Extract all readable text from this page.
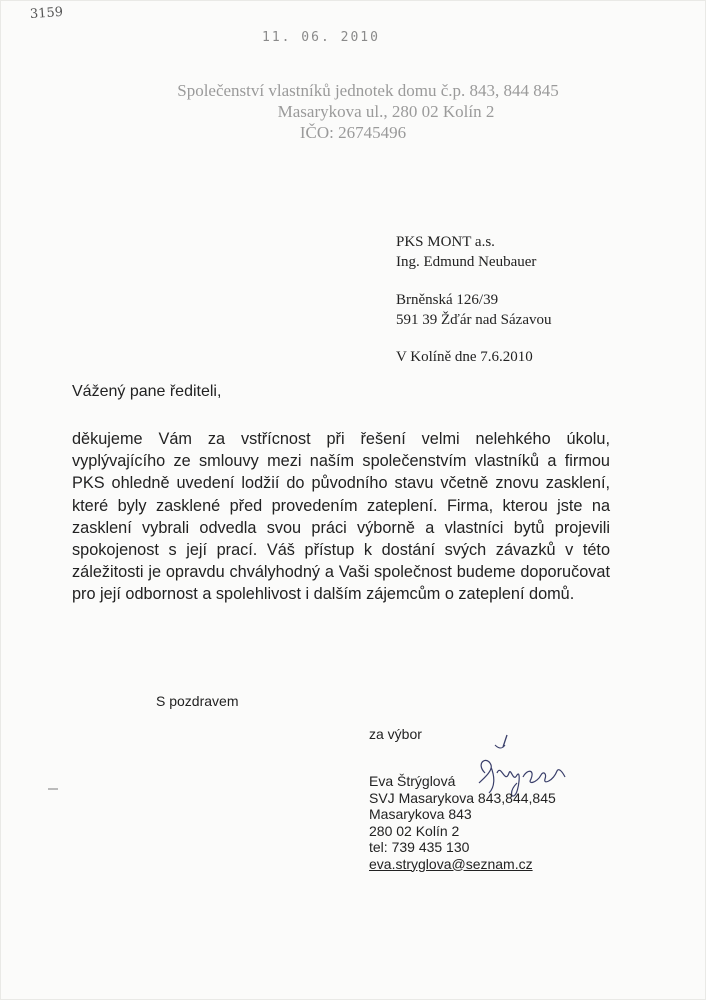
3159
11. 06. 2010
Společenství vlastníků jednotek domu č.p. 843, 844 845
Masarykova ul., 280 02 Kolín 2
IČO: 26745496
PKS MONT a.s.
Ing. Edmund Neubauer
Brněnská 126/39
591 39 Žďár nad Sázavou
V Kolíně dne 7.6.2010
Vážený pane řediteli,
děkujeme Vám za vstřícnost při řešení velmi nelehkého úkolu, vyplývajícího ze smlouvy mezi naším společenstvím vlastníků a firmou PKS ohledně uvedení lodžií do původního stavu včetně znovu zasklení, které byly zasklené před provedením zateplení. Firma, kterou jste na zasklení vybrali odvedla svou práci výborně a vlastníci bytů projevili spokojenost s její prací. Váš přístup k dostání svých závazků v této záležitosti je opravdu chvályhodný a Vaši společnost budeme doporučovat pro její odbornost a spolehlivost i dalším zájemcům o zateplení domů.
S pozdravem
za výbor
Eva Štrýglová
SVJ Masarykova 843,844,845
Masarykova 843
280 02 Kolín 2
tel: 739 435 130
eva.stryglova@seznam.cz
